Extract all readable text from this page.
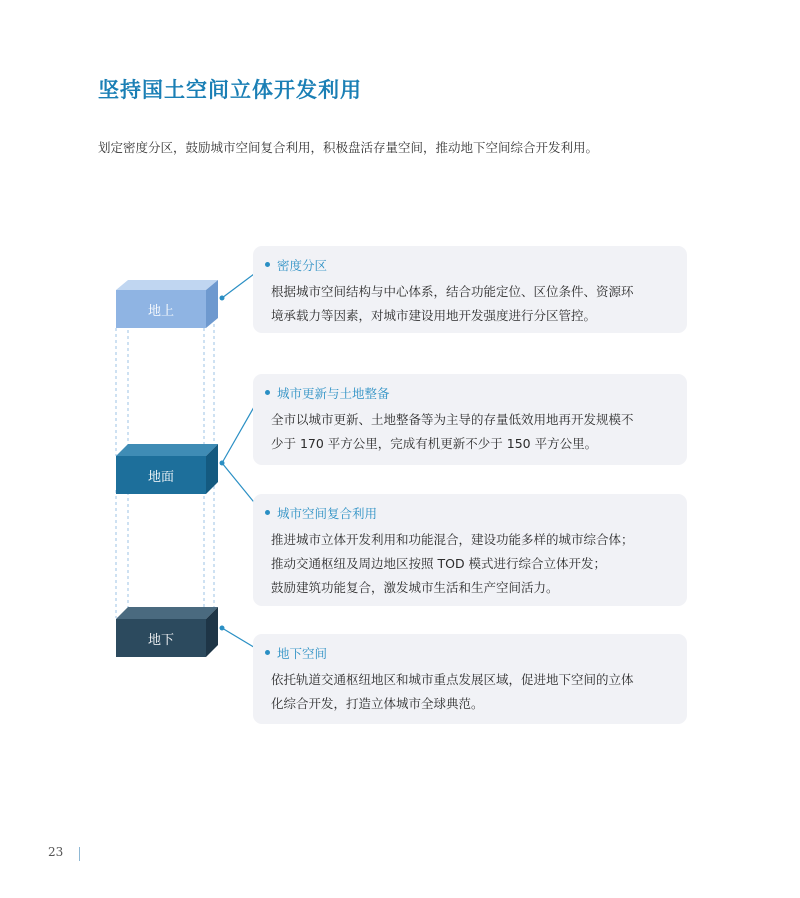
坚持国土空间立体开发利用

划定密度分区，鼓励城市空间复合利用，积极盘活存量空间，推动地下空间综合开发利用。

地上
地面
地下

密度分区

根据城市空间结构与中心体系，结合功能定位、区位条件、资源环

境承载力等因素，对城市建设用地开发强度进行分区管控。

城市更新与土地整备

全市以城市更新、土地整备等为主导的存量低效用地再开发规模不

少于 170 平方公里，完成有机更新不少于 150 平方公里。

城市空间复合利用

推进城市立体开发利用和功能混合，建设功能多样的城市综合体；

推动交通枢纽及周边地区按照 TOD 模式进行综合立体开发；

鼓励建筑功能复合，激发城市生活和生产空间活力。

地下空间

依托轨道交通枢纽地区和城市重点发展区域，促进地下空间的立体

化综合开发，打造立体城市全球典范。

23
